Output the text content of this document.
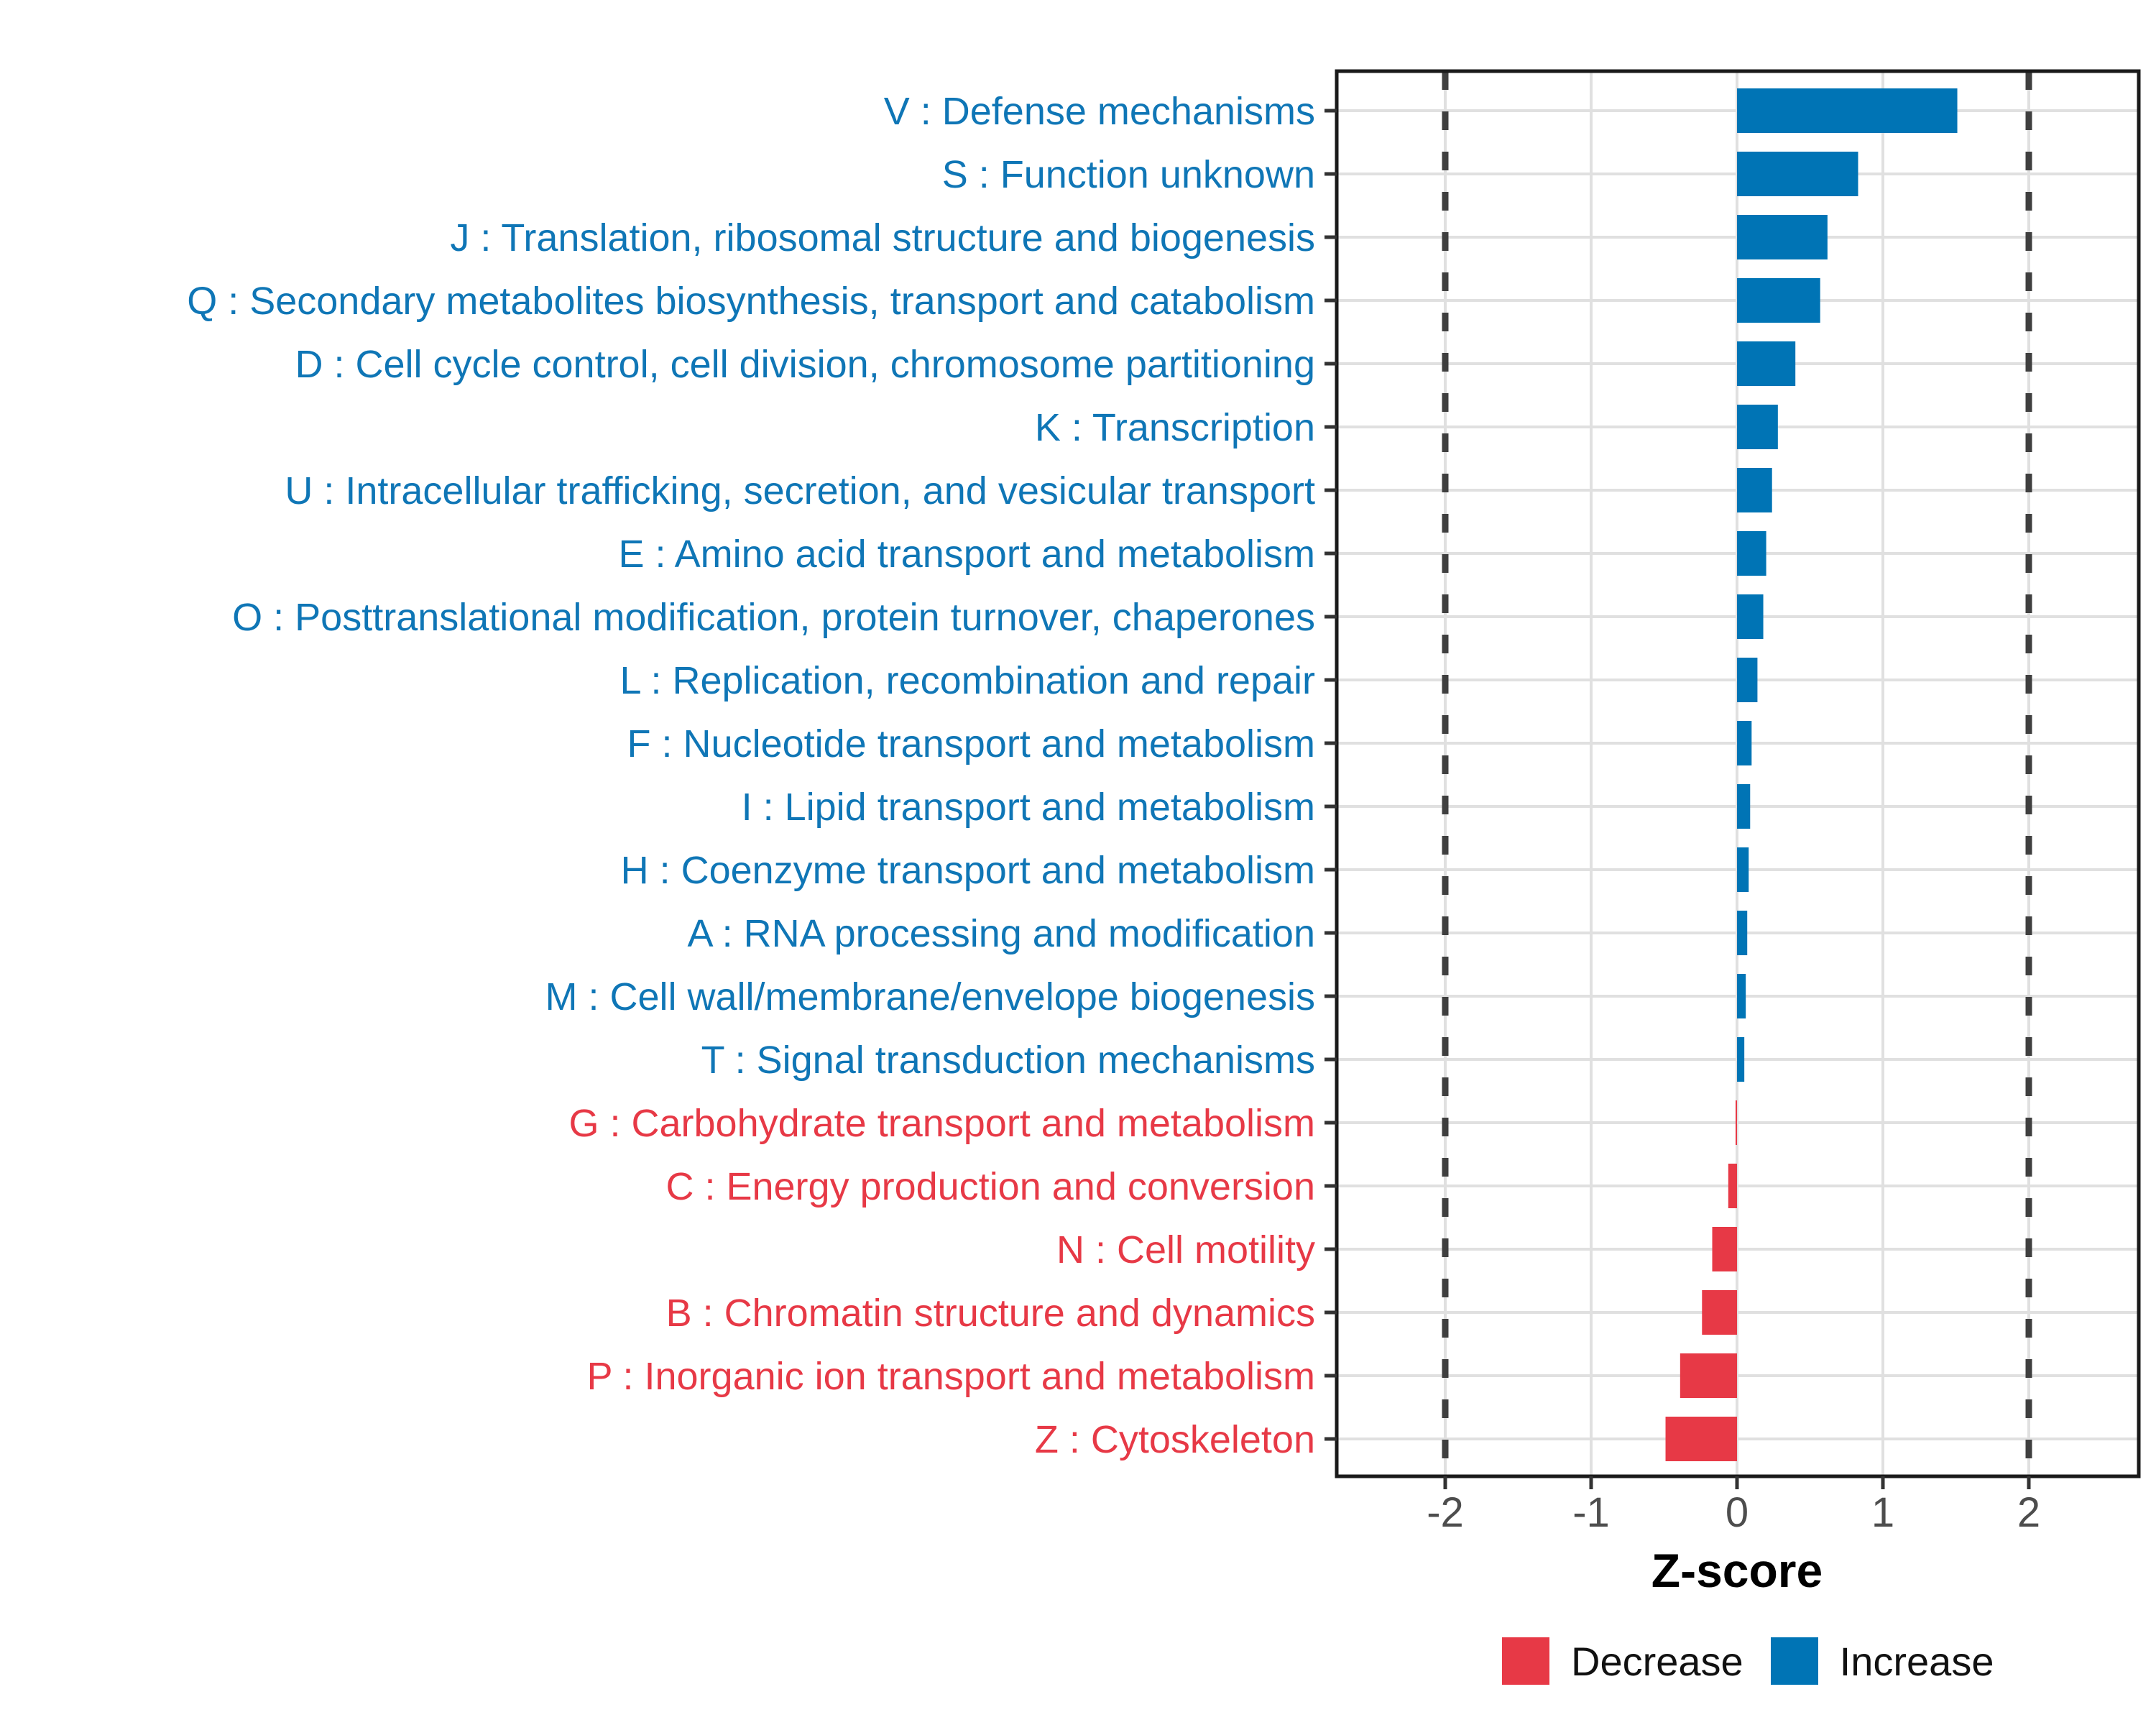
-2	-1	0	1	2
V : Defense mechanisms
S : Function unknown
J : Translation, ribosomal structure and biogenesis
Q : Secondary metabolites biosynthesis, transport and catabolism
D : Cell cycle control, cell division, chromosome partitioning
K : Transcription
U : Intracellular trafficking, secretion, and vesicular transport
E : Amino acid transport and metabolism
O : Posttranslational modification, protein turnover, chaperones
L : Replication, recombination and repair
F : Nucleotide transport and metabolism
I : Lipid transport and metabolism
H : Coenzyme transport and metabolism
A : RNA processing and modification
M : Cell wall/membrane/envelope biogenesis
T : Signal transduction mechanisms
G : Carbohydrate transport and metabolism
C : Energy production and conversion
N : Cell motility
B : Chromatin structure and dynamics
P : Inorganic ion transport and metabolism
Z : Cytoskeleton
Z-score
Decrease Increase
